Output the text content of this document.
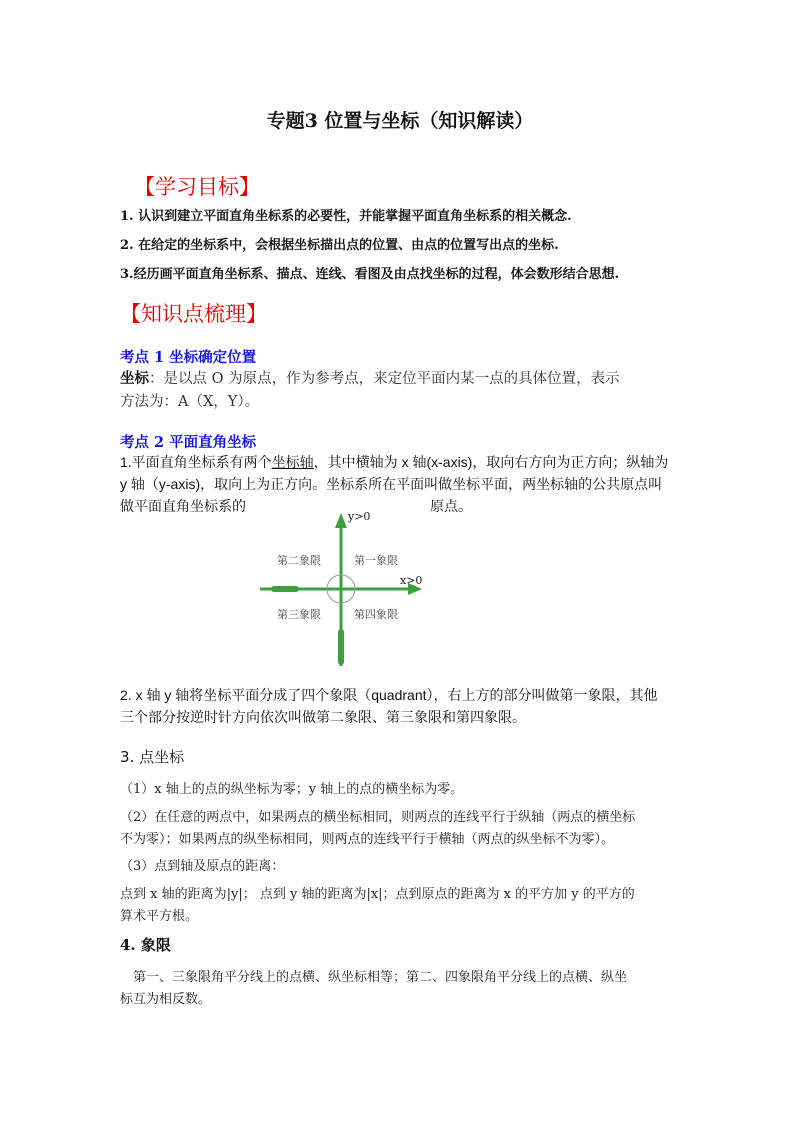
专题3 位置与坐标（知识解读）
【学习目标】
1. 认识到建立平面直角坐标系的必要性，并能掌握平面直角坐标系的相关概念.
2. 在给定的坐标系中，会根据坐标描出点的位置、由点的位置写出点的坐标.
3.经历画平面直角坐标系、描点、连线、看图及由点找坐标的过程，体会数形结合思想.
【知识点梳理】
考点 1 坐标确定位置
坐标：是以点 O 为原点，作为参考点，来定位平面内某一点的具体位置，表示
方法为：A（X，Y）。
考点 2 平面直角坐标
1.平面直角坐标系有两个坐标轴，其中横轴为 x 轴(x-axis)，取向右方向为正方向；纵轴为
y 轴（y-axis)，取向上为正方向。坐标系所在平面叫做坐标平面，两坐标轴的公共原点叫
做平面直角坐标系的	原点。
y>0
x>0
第二象限	第一象限
第三象限	第四象限
2. x 轴 y 轴将坐标平面分成了四个象限（quadrant），右上方的部分叫做第一象限，其他
三个部分按逆时针方向依次叫做第二象限、第三象限和第四象限。
3. 点坐标
（1）x 轴上的点的纵坐标为零；y 轴上的点的横坐标为零。
（2）在任意的两点中，如果两点的横坐标相同，则两点的连线平行于纵轴（两点的横坐标
不为零）；如果两点的纵坐标相同，则两点的连线平行于横轴（两点的纵坐标不为零）。
（3）点到轴及原点的距离：
点到 x 轴的距离为|y|； 点到 y 轴的距离为|x|；点到原点的距离为 x 的平方加 y 的平方的
算术平方根。
4. 象限
　第一、三象限角平分线上的点横、纵坐标相等；第二、四象限角平分线上的点横、纵坐
标互为相反数。
